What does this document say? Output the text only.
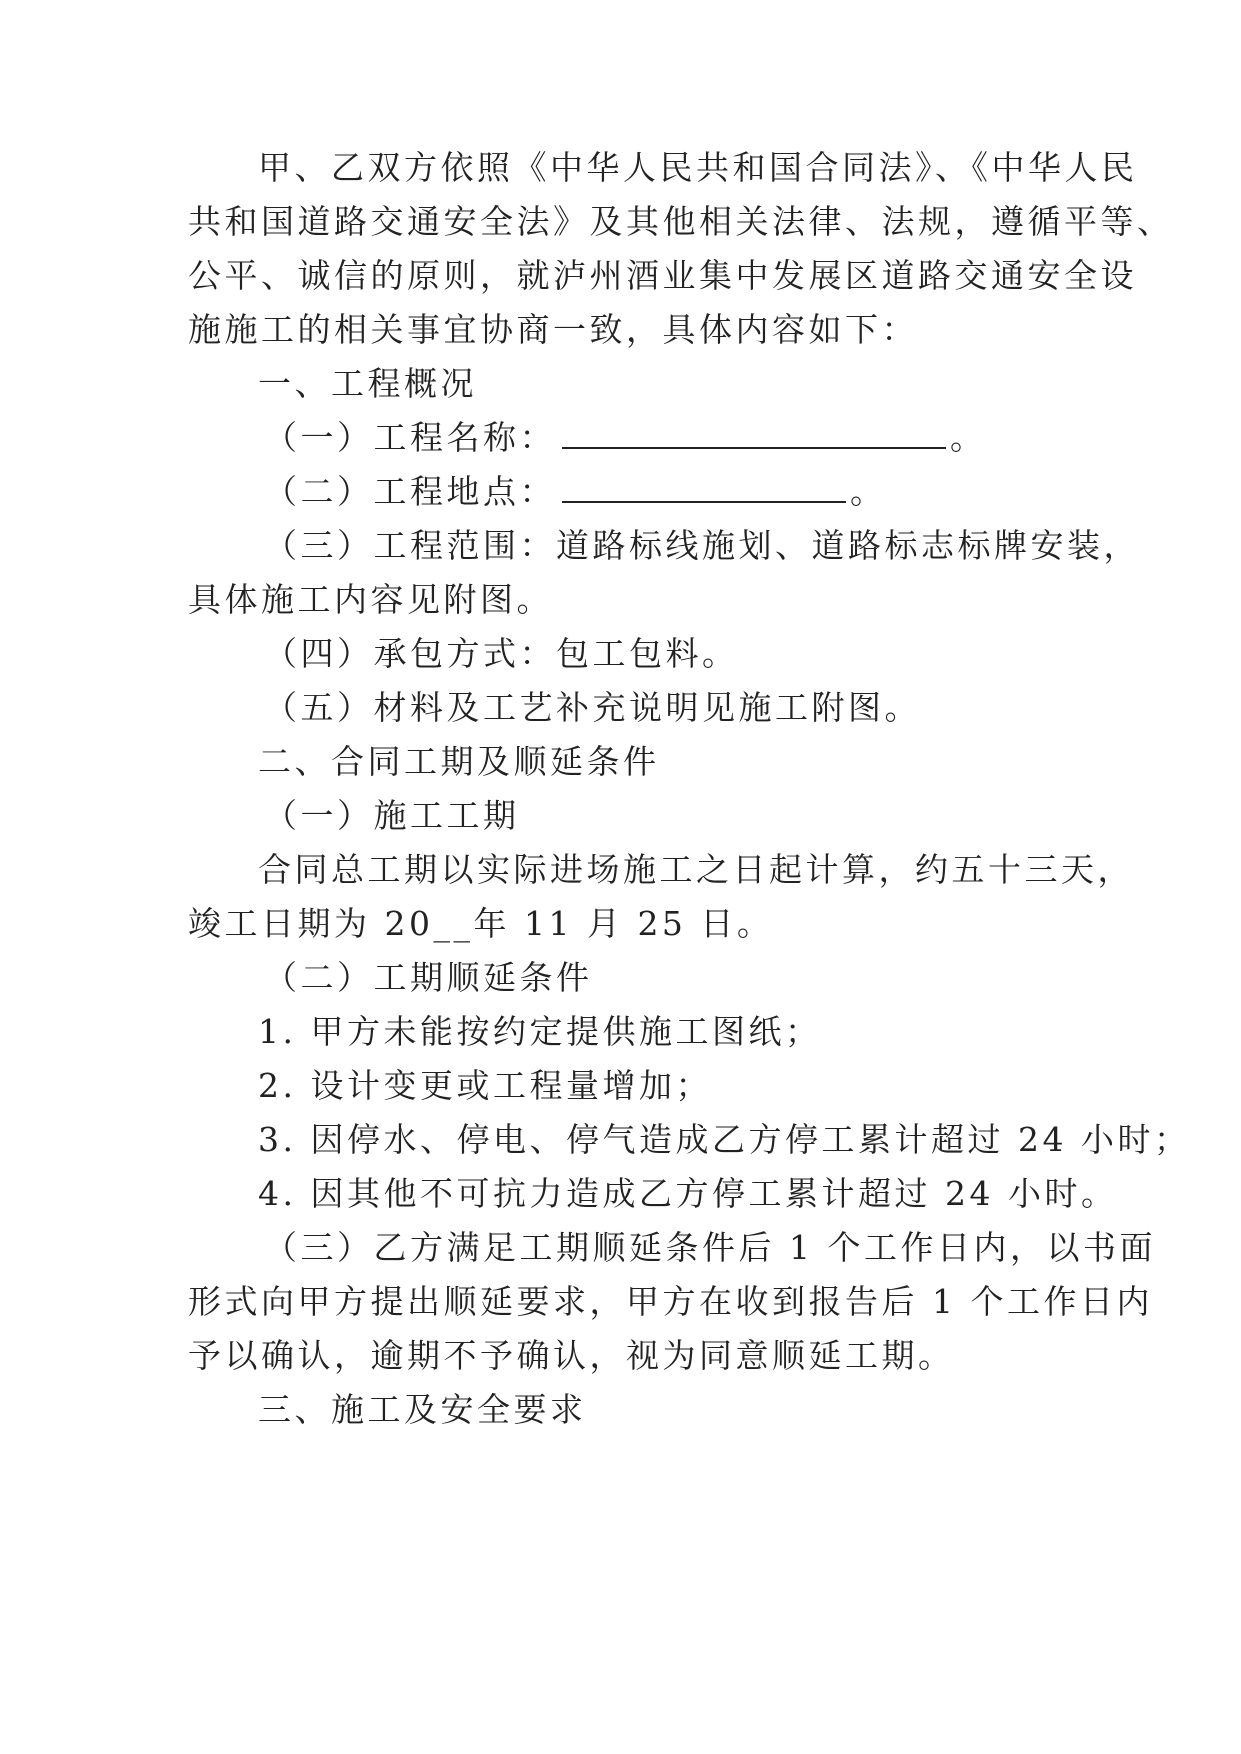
甲、乙双方依照《中华人民共和国合同法》、《中华人民

共和国道路交通安全法》及其他相关法律、法规，遵循平等、

公平、诚信的原则，就泸州酒业集中发展区道路交通安全设

施施工的相关事宜协商一致，具体内容如下：

一、工程概况

（一）工程名称：	。

（二）工程地点：	。

（三）工程范围：道路标线施划、道路标志标牌安装，

具体施工内容见附图。

（四）承包方式：包工包料。

（五）材料及工艺补充说明见施工附图。

二、合同工期及顺延条件

（一）施工工期

合同总工期以实际进场施工之日起计算，约五十三天，

竣工日期为 20__年 11 月 25 日。

（二）工期顺延条件

1. 甲方未能按约定提供施工图纸；

2. 设计变更或工程量增加；

3. 因停水、停电、停气造成乙方停工累计超过 24 小时；

4. 因其他不可抗力造成乙方停工累计超过 24 小时。

（三）乙方满足工期顺延条件后 1 个工作日内，以书面

形式向甲方提出顺延要求，甲方在收到报告后 1 个工作日内

予以确认，逾期不予确认，视为同意顺延工期。

三、施工及安全要求
